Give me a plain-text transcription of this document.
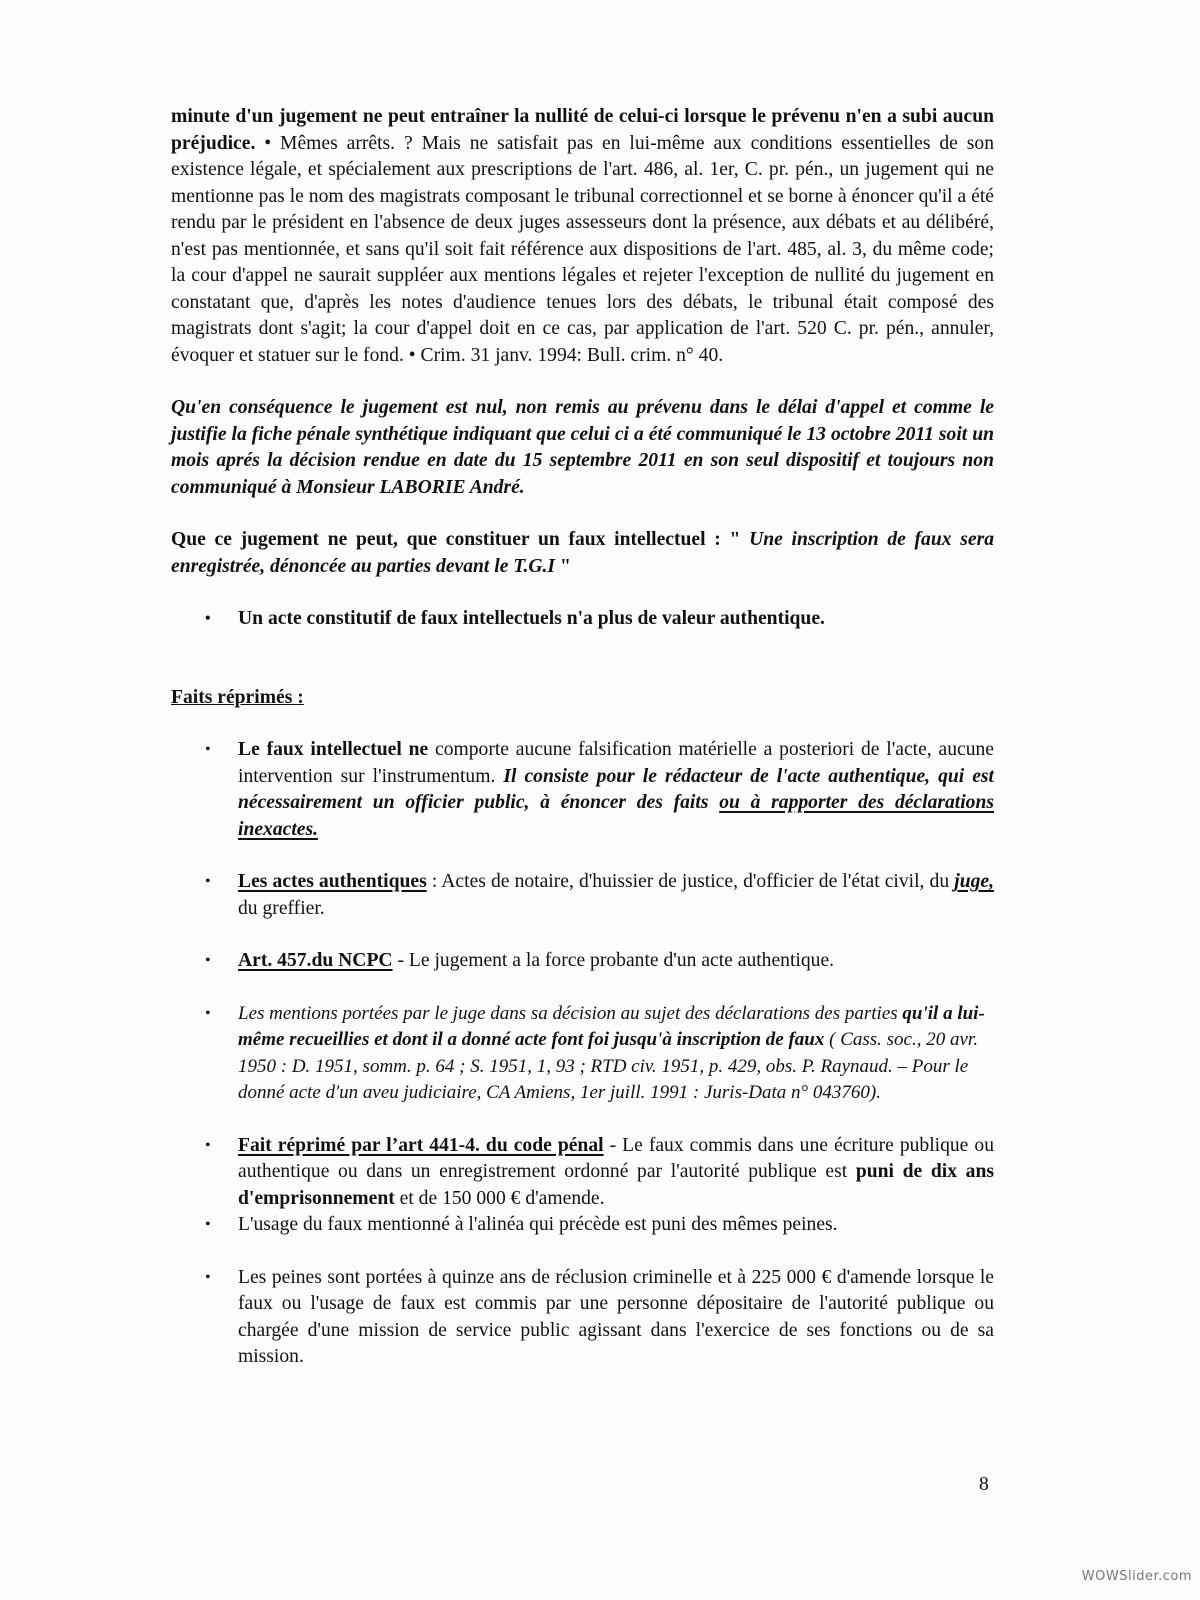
minute d'un jugement ne peut entraîner la nullité de celui-ci lorsque le prévenu n'en a subi aucun préjudice. • Mêmes arrêts. ? Mais ne satisfait pas en lui-même aux conditions essentielles de son existence légale, et spécialement aux prescriptions de l'art. 486, al. 1er, C. pr. pén., un jugement qui ne mentionne pas le nom des magistrats composant le tribunal correctionnel et se borne à énoncer qu'il a été rendu par le président en l'absence de deux juges assesseurs dont la présence, aux débats et au délibéré, n'est pas mentionnée, et sans qu'il soit fait référence aux dispositions de l'art. 485, al. 3, du même code; la cour d'appel ne saurait suppléer aux mentions légales et rejeter l'exception de nullité du jugement en constatant que, d'après les notes d'audience tenues lors des débats, le tribunal était composé des magistrats dont s'agit; la cour d'appel doit en ce cas, par application de l'art. 520 C. pr. pén., annuler, évoquer et statuer sur le fond. • Crim. 31 janv. 1994: Bull. crim. n° 40.

Qu'en conséquence le jugement est nul, non remis au prévenu dans le délai d'appel et comme le justifie la fiche pénale synthétique indiquant que celui ci a été communiqué le 13 octobre 2011 soit un mois aprés la décision rendue en date du 15 septembre 2011 en son seul dispositif et toujours non communiqué à Monsieur LABORIE André.

Que ce jugement ne peut, que constituer un faux intellectuel : " Une inscription de faux sera enregistrée, dénoncée au parties devant le T.G.I "

• Un acte constitutif de faux intellectuels n'a plus de valeur authentique.
Faits réprimés :
• Le faux intellectuel ne comporte aucune falsification matérielle a posteriori de l'acte, aucune intervention sur l'instrumentum. Il consiste pour le rédacteur de l'acte authentique, qui est nécessairement un officier public, à énoncer des faits ou à rapporter des déclarations inexactes.
• Les actes authentiques : Actes de notaire, d'huissier de justice, d'officier de l'état civil, du juge, du greffier.
• Art. 457.du NCPC - Le jugement a la force probante d'un acte authentique.
• Les mentions portées par le juge dans sa décision au sujet des déclarations des parties qu'il a lui-même recueillies et dont il a donné acte font foi jusqu'à inscription de faux ( Cass. soc., 20 avr. 1950 : D. 1951, somm. p. 64 ; S. 1951, 1, 93 ; RTD civ. 1951, p. 429, obs. P. Raynaud. – Pour le donné acte d'un aveu judiciaire, CA Amiens, 1er juill. 1991 : Juris-Data n° 043760).
• Fait réprimé par l’art 441-4. du code pénal - Le faux commis dans une écriture publique ou authentique ou dans un enregistrement ordonné par l'autorité publique est puni de dix ans d'emprisonnement et de 150 000 € d'amende.
• L'usage du faux mentionné à l'alinéa qui précède est puni des mêmes peines.
• Les peines sont portées à quinze ans de réclusion criminelle et à 225 000 € d'amende lorsque le faux ou l'usage de faux est commis par une personne dépositaire de l'autorité publique ou chargée d'une mission de service public agissant dans l'exercice de ses fonctions ou de sa mission.
8
WOWSlider.com
